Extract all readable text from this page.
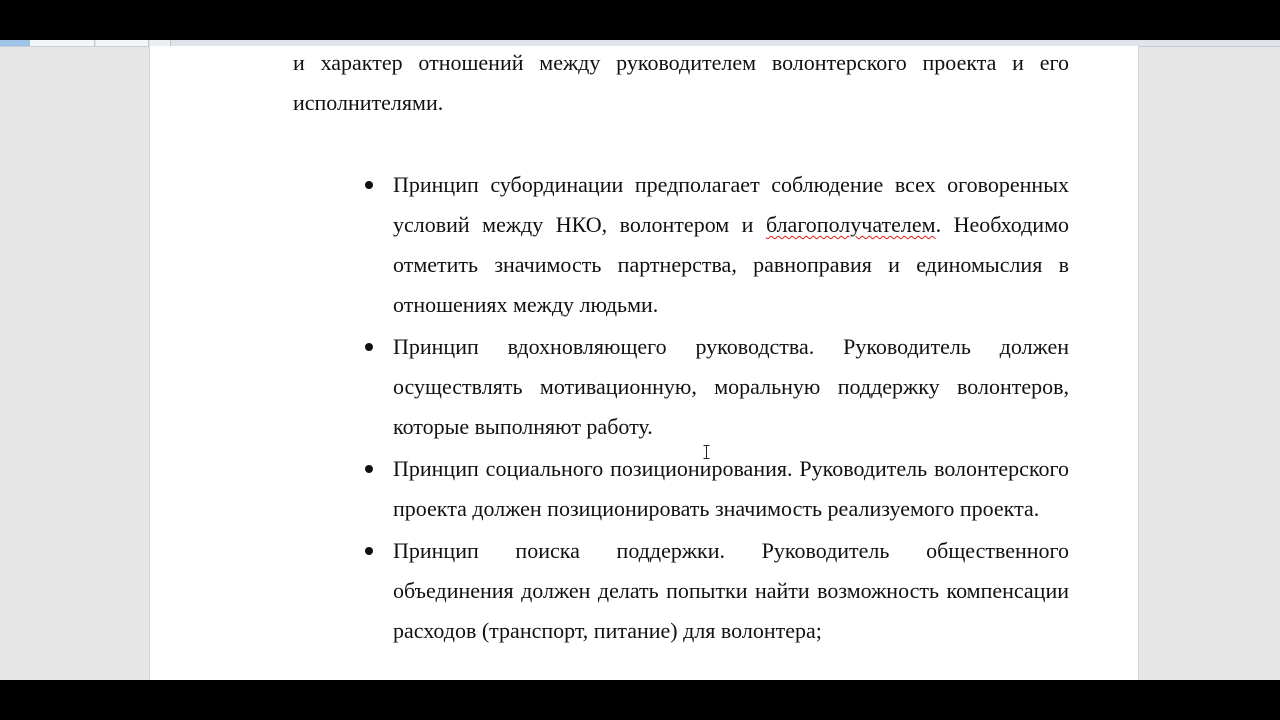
и характер отношений между руководителем волонтерского проекта и его исполнителями.

Принцип субординации предполагает соблюдение всех оговоренных условий между НКО, волонтером и благополучателем. Необходимо отметить значимость партнерства, равноправия и единомыслия в отношениях между людьми.
Принцип вдохновляющего руководства. Руководитель должен осуществлять мотивационную, моральную поддержку волонтеров, которые выполняют работу.
Принцип социального позиционирования. Руководитель волонтерского проекта должен позиционировать значимость реализуемого проекта.
Принцип поиска поддержки. Руководитель общественного объединения должен делать попытки найти возможность компенсации расходов (транспорт, питание) для волонтера;
